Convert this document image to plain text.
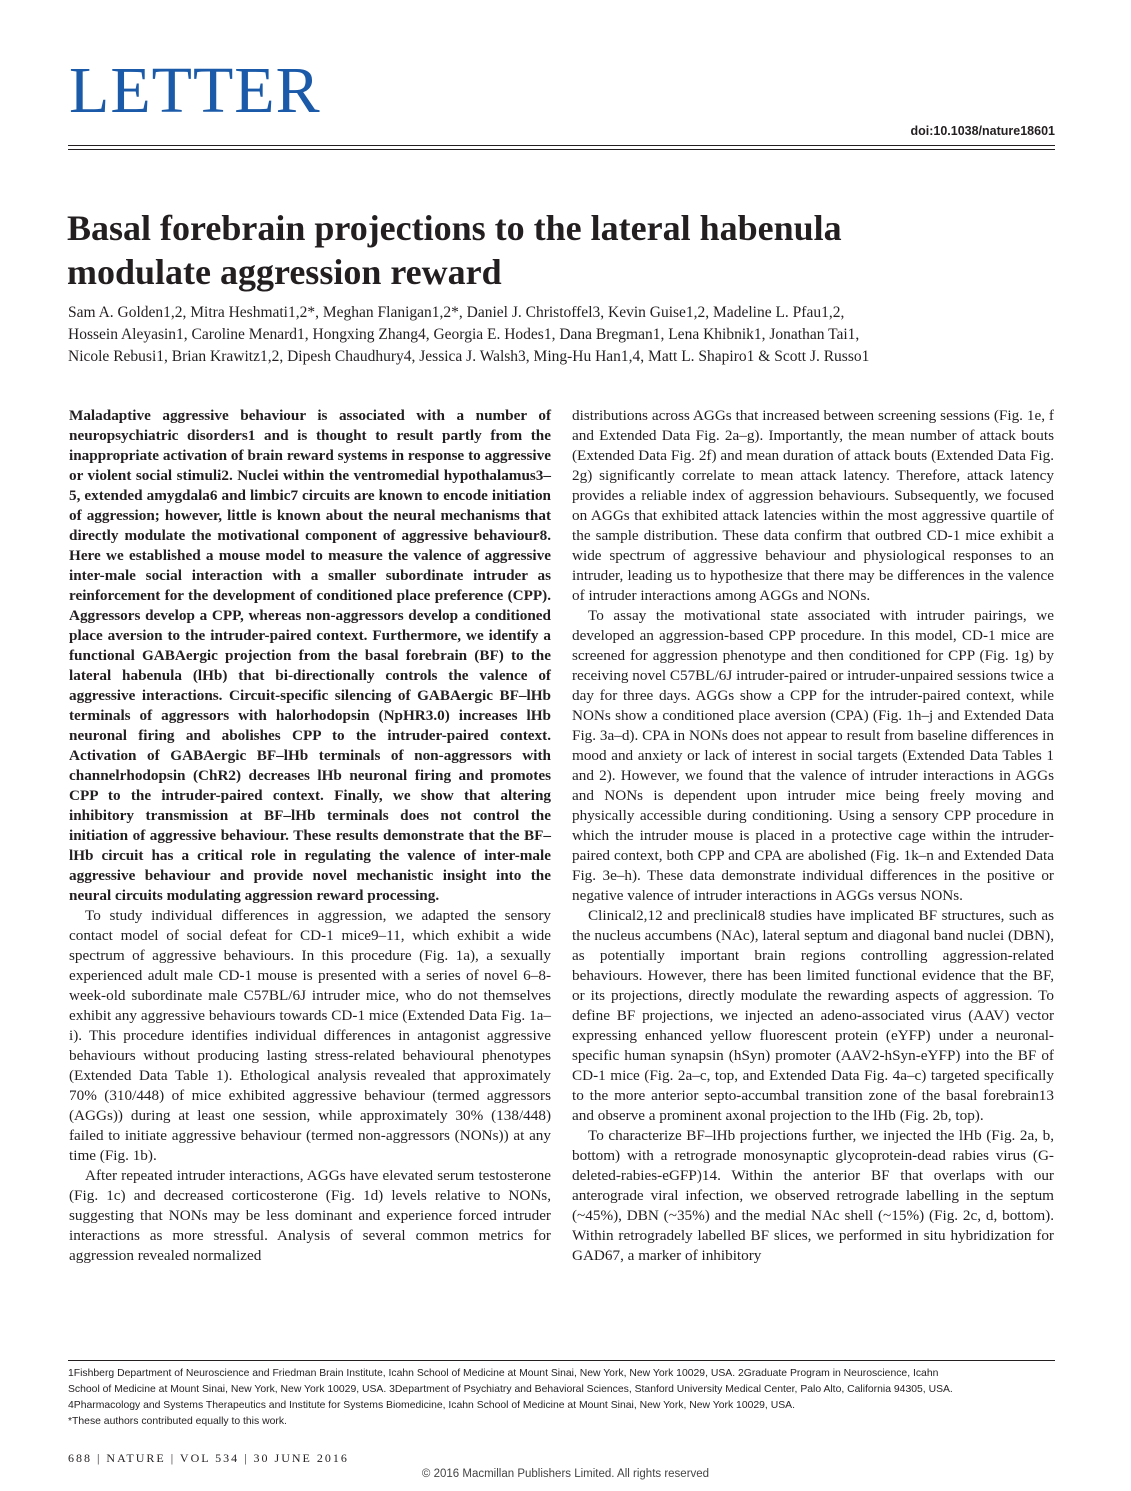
LETTER
doi:10.1038/nature18601
Basal forebrain projections to the lateral habenula
modulate aggression reward
Sam A. Golden1,2, Mitra Heshmati1,2*, Meghan Flanigan1,2*, Daniel J. Christoffel3, Kevin Guise1,2, Madeline L. Pfau1,2,
Hossein Aleyasin1, Caroline Menard1, Hongxing Zhang4, Georgia E. Hodes1, Dana Bregman1, Lena Khibnik1, Jonathan Tai1,
Nicole Rebusi1, Brian Krawitz1,2, Dipesh Chaudhury4, Jessica J. Walsh3, Ming-Hu Han1,4, Matt L. Shapiro1 & Scott J. Russo1

Maladaptive aggressive behaviour is associated with a number of neuropsychiatric disorders1 and is thought to result partly from the inappropriate activation of brain reward systems in response to aggressive or violent social stimuli2. Nuclei within the ventromedial hypothalamus3–5, extended amygdala6 and limbic7 circuits are known to encode initiation of aggression; however, little is known about the neural mechanisms that directly modulate the motivational component of aggressive behaviour8. Here we established a mouse model to measure the valence of aggressive inter-male social interaction with a smaller subordinate intruder as reinforcement for the development of conditioned place preference (CPP). Aggressors develop a CPP, whereas non-aggressors develop a conditioned place aversion to the intruder-paired context. Furthermore, we identify a functional GABAergic projection from the basal forebrain (BF) to the lateral habenula (lHb) that bi-directionally controls the valence of aggressive interactions. Circuit-specific silencing of GABAergic BF–lHb terminals of aggressors with halorhodopsin (NpHR3.0) increases lHb neuronal firing and abolishes CPP to the intruder-paired context. Activation of GABAergic BF–lHb terminals of non-aggressors with channelrhodopsin (ChR2) decreases lHb neuronal firing and promotes CPP to the intruder-paired context. Finally, we show that altering inhibitory transmission at BF–lHb terminals does not control the initiation of aggressive behaviour. These results demonstrate that the BF–lHb circuit has a critical role in regulating the valence of inter-male aggressive behaviour and provide novel mechanistic insight into the neural circuits modulating aggression reward processing.

To study individual differences in aggression, we adapted the sensory contact model of social defeat for CD-1 mice9–11, which exhibit a wide spectrum of aggressive behaviours. In this procedure (Fig. 1a), a sexually experienced adult male CD-1 mouse is presented with a series of novel 6–8-week-old subordinate male C57BL/6J intruder mice, who do not themselves exhibit any aggressive behaviours towards CD-1 mice (Extended Data Fig. 1a–i). This procedure identifies individual differences in antagonist aggressive behaviours without producing lasting stress-related behavioural phenotypes (Extended Data Table 1). Ethological analysis revealed that approximately 70% (310/448) of mice exhibited aggressive behaviour (termed aggressors (AGGs)) during at least one session, while approximately 30% (138/448) failed to initiate aggressive behaviour (termed non-aggressors (NONs)) at any time (Fig. 1b).

After repeated intruder interactions, AGGs have elevated serum testosterone (Fig. 1c) and decreased corticosterone (Fig. 1d) levels relative to NONs, suggesting that NONs may be less dominant and experience forced intruder interactions as more stressful. Analysis of several common metrics for aggression revealed normalized

distributions across AGGs that increased between screening sessions (Fig. 1e, f and Extended Data Fig. 2a–g). Importantly, the mean number of attack bouts (Extended Data Fig. 2f) and mean duration of attack bouts (Extended Data Fig. 2g) significantly correlate to mean attack latency. Therefore, attack latency provides a reliable index of aggression behaviours. Subsequently, we focused on AGGs that exhibited attack latencies within the most aggressive quartile of the sample distribution. These data confirm that outbred CD-1 mice exhibit a wide spectrum of aggressive behaviour and physiological responses to an intruder, leading us to hypothesize that there may be differences in the valence of intruder interactions among AGGs and NONs.

To assay the motivational state associated with intruder pairings, we developed an aggression-based CPP procedure. In this model, CD-1 mice are screened for aggression phenotype and then conditioned for CPP (Fig. 1g) by receiving novel C57BL/6J intruder-paired or intruder-unpaired sessions twice a day for three days. AGGs show a CPP for the intruder-paired context, while NONs show a conditioned place aversion (CPA) (Fig. 1h–j and Extended Data Fig. 3a–d). CPA in NONs does not appear to result from baseline differences in mood and anxiety or lack of interest in social targets (Extended Data Tables 1 and 2). However, we found that the valence of intruder interactions in AGGs and NONs is dependent upon intruder mice being freely moving and physically accessible during conditioning. Using a sensory CPP procedure in which the intruder mouse is placed in a protective cage within the intruder-paired context, both CPP and CPA are abolished (Fig. 1k–n and Extended Data Fig. 3e–h). These data demonstrate individual differences in the positive or negative valence of intruder interactions in AGGs versus NONs.

Clinical2,12 and preclinical8 studies have implicated BF structures, such as the nucleus accumbens (NAc), lateral septum and diagonal band nuclei (DBN), as potentially important brain regions controlling aggression-related behaviours. However, there has been limited functional evidence that the BF, or its projections, directly modulate the rewarding aspects of aggression. To define BF projections, we injected an adeno-associated virus (AAV) vector expressing enhanced yellow fluorescent protein (eYFP) under a neuronal-specific human synapsin (hSyn) promoter (AAV2-hSyn-eYFP) into the BF of CD-1 mice (Fig. 2a–c, top, and Extended Data Fig. 4a–c) targeted specifically to the more anterior septo-accumbal transition zone of the basal forebrain13 and observe a prominent axonal projection to the lHb (Fig. 2b, top).

To characterize BF–lHb projections further, we injected the lHb (Fig. 2a, b, bottom) with a retrograde monosynaptic glycoprotein-dead rabies virus (G-deleted-rabies-eGFP)14. Within the anterior BF that overlaps with our anterograde viral infection, we observed retrograde labelling in the septum (~45%), DBN (~35%) and the medial NAc shell (~15%) (Fig. 2c, d, bottom). Within retrogradely labelled BF slices, we performed in situ hybridization for GAD67, a marker of inhibitory

1Fishberg Department of Neuroscience and Friedman Brain Institute, Icahn School of Medicine at Mount Sinai, New York, New York 10029, USA. 2Graduate Program in Neuroscience, Icahn
School of Medicine at Mount Sinai, New York, New York 10029, USA. 3Department of Psychiatry and Behavioral Sciences, Stanford University Medical Center, Palo Alto, California 94305, USA.
4Pharmacology and Systems Therapeutics and Institute for Systems Biomedicine, Icahn School of Medicine at Mount Sinai, New York, New York 10029, USA.
*These authors contributed equally to this work.
688 | NATURE | VOL 534 | 30 JUNE 2016
© 2016 Macmillan Publishers Limited. All rights reserved
